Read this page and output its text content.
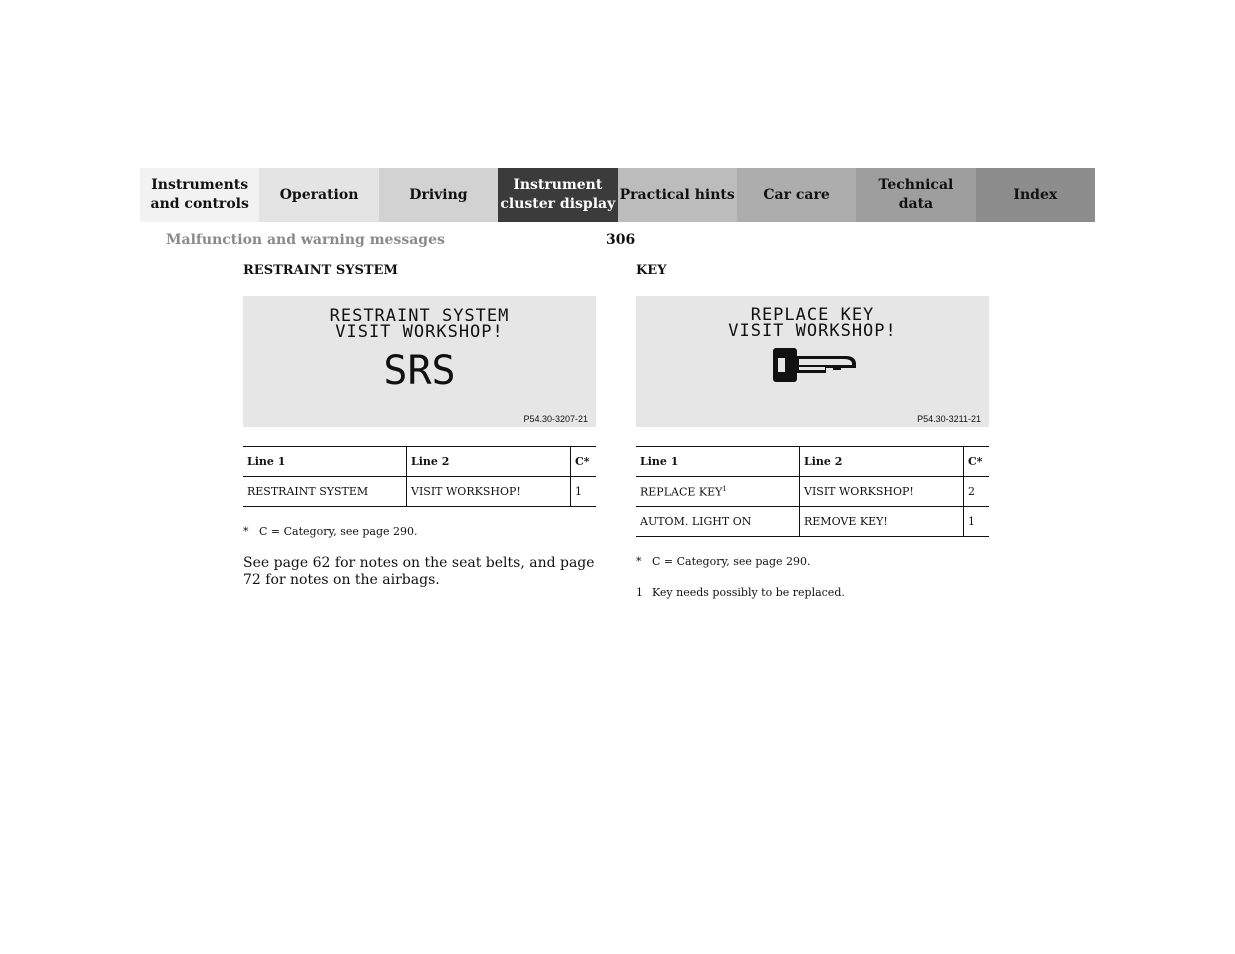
Instruments
and controls
Operation	Driving
Instrument
cluster display
Practical hints	Car care
Technical
data
Index
Malfunction and warning messages	306
RESTRAINT SYSTEM
RESTRAINT SYSTEM
VISIT WORKSHOP!
SRS
P54.30-3207-21
Line 1	Line 2	C*
RESTRAINT SYSTEM	VISIT WORKSHOP!	1
* C = Category, see page 290.

See page 62 for notes on the seat belts, and page 72 for notes on the airbags.

KEY
REPLACE KEY
VISIT WORKSHOP!
P54.30-3211-21
Line 1	Line 2	C*
REPLACE KEY$^1$	VISIT WORKSHOP!	2
AUTOM. LIGHT ON	REMOVE KEY!	1
* C = Category, see page 290.
1 Key needs possibly to be replaced.
